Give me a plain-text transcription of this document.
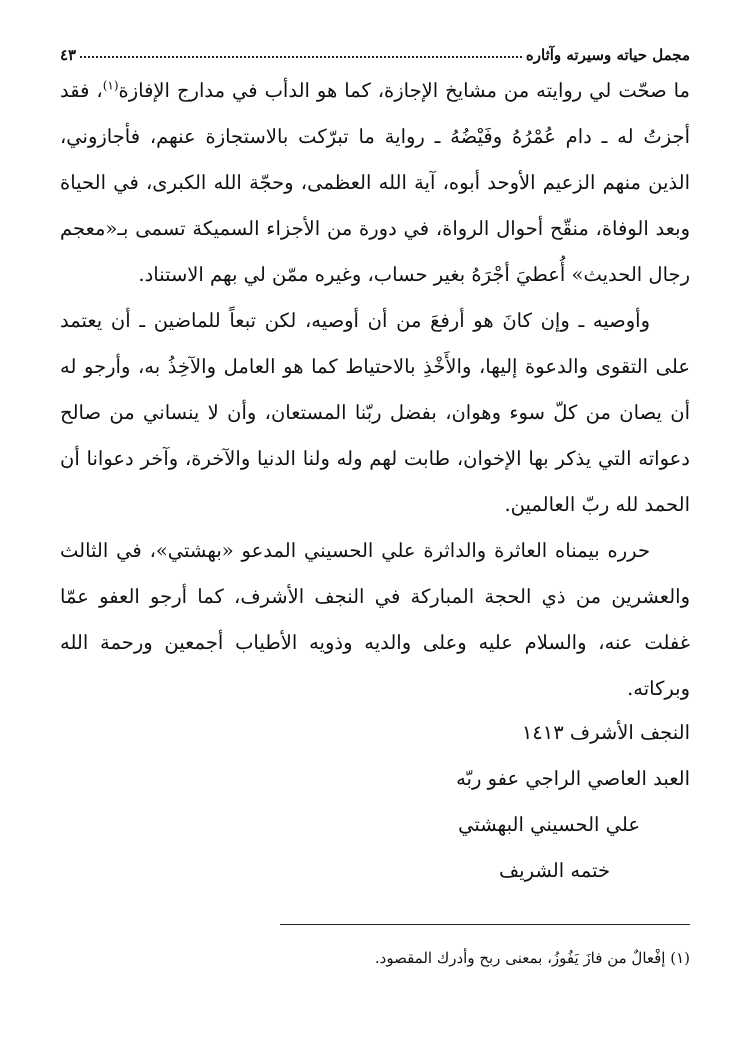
مجمل حياته وسيرته وآثاره
٤٣

ما صحّت لي روايته من مشايخ الإجازة، كما هو الدأب في مدارج الإفازة$^{(١)}$، فقد أجزتُ له ـ دام عُمْرُهُ وفَيْضُهُ ـ رواية ما تبرّكت بالاستجازة عنهم، فأجازوني، الذين منهم الزعيم الأوحد أبوه، آية الله العظمى، وحجّة الله الكبرى، في الحياة وبعد الوفاة، منقّح أحوال الرواة، في دورة من الأجزاء السميكة تسمى بـ«معجم رجال الحديث» أُعطيَ أجْرَهُ بغير حساب، وغيره ممّن لي بهم الاستناد.

وأوصيه ـ وإن كانَ هو أرفعَ من أن أوصيه، لكن تبعاً للماضين ـ أن يعتمد على التقوى والدعوة إليها، والأَخْذِ بالاحتياط كما هو العامل والآخِذُ به، وأرجو له أن يصان من كلّ سوء وهوان، بفضل ربّنا المستعان، وأن لا ينساني من صالح دعواته التي يذكر بها الإخوان، طابت لهم وله ولنا الدنيا والآخرة، وآخر دعوانا أن الحمد لله ربّ العالمين.

حرره بيمناه العاثرة والداثرة علي الحسيني المدعو «بهشتي»، في الثالث والعشرين من ذي الحجة المباركة في النجف الأشرف، كما أرجو العفو عمّا غفلت عنه، والسلام عليه وعلى والديه وذويه الأطياب أجمعين ورحمة الله وبركاته.

النجف الأشرف ١٤١٣

العبد العاصي الراجي عفو ربّه

علي الحسيني البهشتي

ختمه الشريف

(١) إفْعالٌ من فازَ يَفُوزُ، بمعنى ربح وأدرك المقصود.
